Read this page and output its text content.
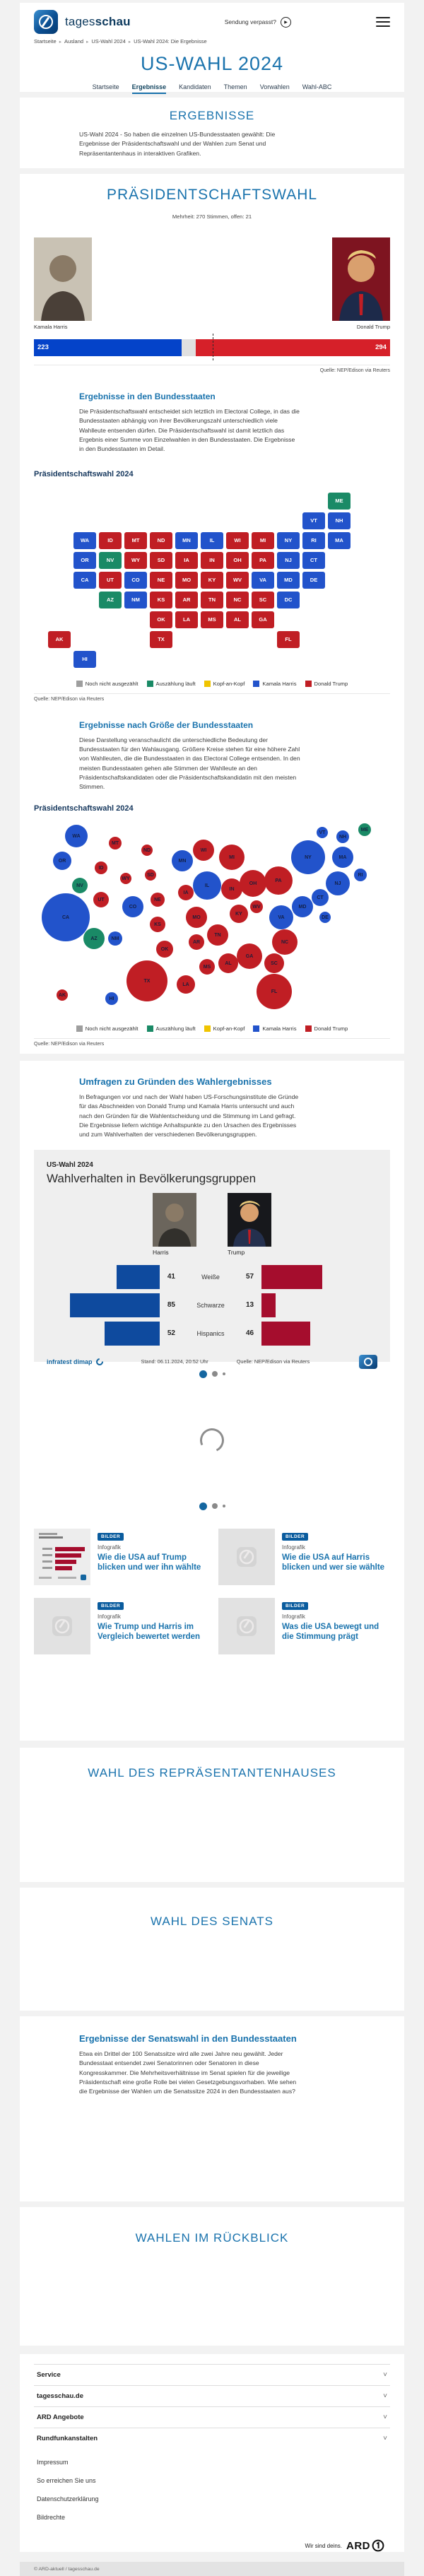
tagesschau	Sendung verpasst? ▶
Startseite ▸ Ausland ▸ US-Wahl 2024 ▸ US-Wahl 2024: Die Ergebnisse
US-WAHL 2024
Startseite Ergebnisse Kandidaten Themen Vorwahlen Wahl-ABC
ERGEBNISSE

US-Wahl 2024 - So haben die einzelnen US-Bundesstaaten gewählt: Die Ergebnisse der Präsidentschaftswahl und der Wahlen zum Senat und Repräsentantenhaus in interaktiven Grafiken.

PRÄSIDENTSCHAFTSWAHL
Mehrheit: 270 Stimmen, offen: 21
Kamala Harris	Donald Trump
223	294
Quelle: NEP/Edison via Reuters
Ergebnisse in den Bundesstaaten

Die Präsidentschaftswahl entscheidet sich letztlich im Electoral College, in das die Bundesstaaten abhängig von ihrer Bevölkerungszahl unterschiedlich viele Wahlleute entsenden dürfen. Die Präsidentschaftswahl ist damit letztlich das Ergebnis einer Summe von Einzelwahlen in den Bundesstaaten. Die Ergebnisse in den Bundesstaaten im Detail.

Präsidentschaftswahl 2024
WA
OR
CA
NV
ID
UT
AZ
MT
WY
CO
NM
ND
SD
NE
KS
OK
TX
MN
IA
MO
AR
LA
IL
IN
KY
TN
MS
WI
OH
WV
NC
AL
MI
PA
VA
SC
GA
NY
NJ
MD
DC
RI
CT
DE
VT	NH
MA
ME
AK	FL
HI
Noch nicht ausgezählt	Auszählung läuft	Kopf-an-Kopf	Kamala Harris	Donald Trump
Quelle: NEP/Edison via Reuters
Ergebnisse nach Größe der Bundesstaaten

Diese Darstellung veranschaulicht die unterschiedliche Bedeutung der Bundesstaaten für den Wahlausgang. Größere Kreise stehen für eine höhere Zahl von Wahlleuten, die die Bundesstaaten in das Electoral College entsenden. In den meisten Bundesstaaten gehen alle Stimmen der Wahlleute an den Präsidentschaftskandidaten oder die Präsidentschaftskandidatin mit den meisten Stimmen.

Präsidentschaftswahl 2024
WA
OR
CA
NV
ID
UT
AZ
MT
WY
CO
NM
ND
SD
NE
KS
OK
TX
MN
IA
MO
AR
LA
IL
IN
KY
TN
MS
WI
OH
WV
NC
AL
MI
PA
VA
SC
GA
NY
NJ
MD
RI
CT
DE
VT
NH
MA
ME
AK
FL
HI
Noch nicht ausgezählt	Auszählung läuft	Kopf-an-Kopf	Kamala Harris	Donald Trump
Quelle: NEP/Edison via Reuters
Umfragen zu Gründen des Wahlergebnisses

In Befragungen vor und nach der Wahl haben US-Forschungsinstitute die Gründe für das Abschneiden von Donald Trump und Kamala Harris untersucht und auch nach den Gründen für die Wahlentscheidung und die Stimmung im Land gefragt. Die Ergebnisse liefern wichtige Anhaltspunkte zu den Ursachen des Ergebnisses und zum Wahlverhalten der verschiedenen Bevölkerungsgruppen.

US-Wahl 2024
Wahlverhalten in Bevölkerungsgruppen
Harris	Trump
41	Weiße	57
85	Schwarze	13
52	Hispanics	46
infratest dimap	Stand: 06.11.2024, 20:52 Uhr	Quelle: NEP/Edison via Reuters
BILDER
Infografik
Wie die USA auf Trump blicken und wer ihn wählte
BILDER
Infografik
Wie die USA auf Harris blicken und wer sie wählte
BILDER
Infografik
Wie Trump und Harris im Vergleich bewertet werden
BILDER
Infografik
Was die USA bewegt und die Stimmung prägt
WAHL DES REPRÄSENTANTENHAUSES
WAHL DES SENATS
Ergebnisse der Senatswahl in den Bundesstaaten

Etwa ein Drittel der 100 Senatssitze wird alle zwei Jahre neu gewählt. Jeder Bundesstaat entsendet zwei Senatorinnen oder Senatoren in diese Kongresskammer. Die Mehrheitsverhältnisse im Senat spielen für die jeweilige Präsidentschaft eine große Rolle bei vielen Gesetzgebungsvorhaben. Wie sehen die Ergebnisse der Wahlen um die Senatssitze 2024 in den Bundesstaaten aus?

WAHLEN IM RÜCKBLICK
Service	˅
tagesschau.de	˅
ARD Angebote	˅
Rundfunkanstalten	˅
Impressum
So erreichen Sie uns
Datenschutzerklärung
Bildrechte
Wir sind deins. ARD
© ARD-aktuell / tagesschau.de
